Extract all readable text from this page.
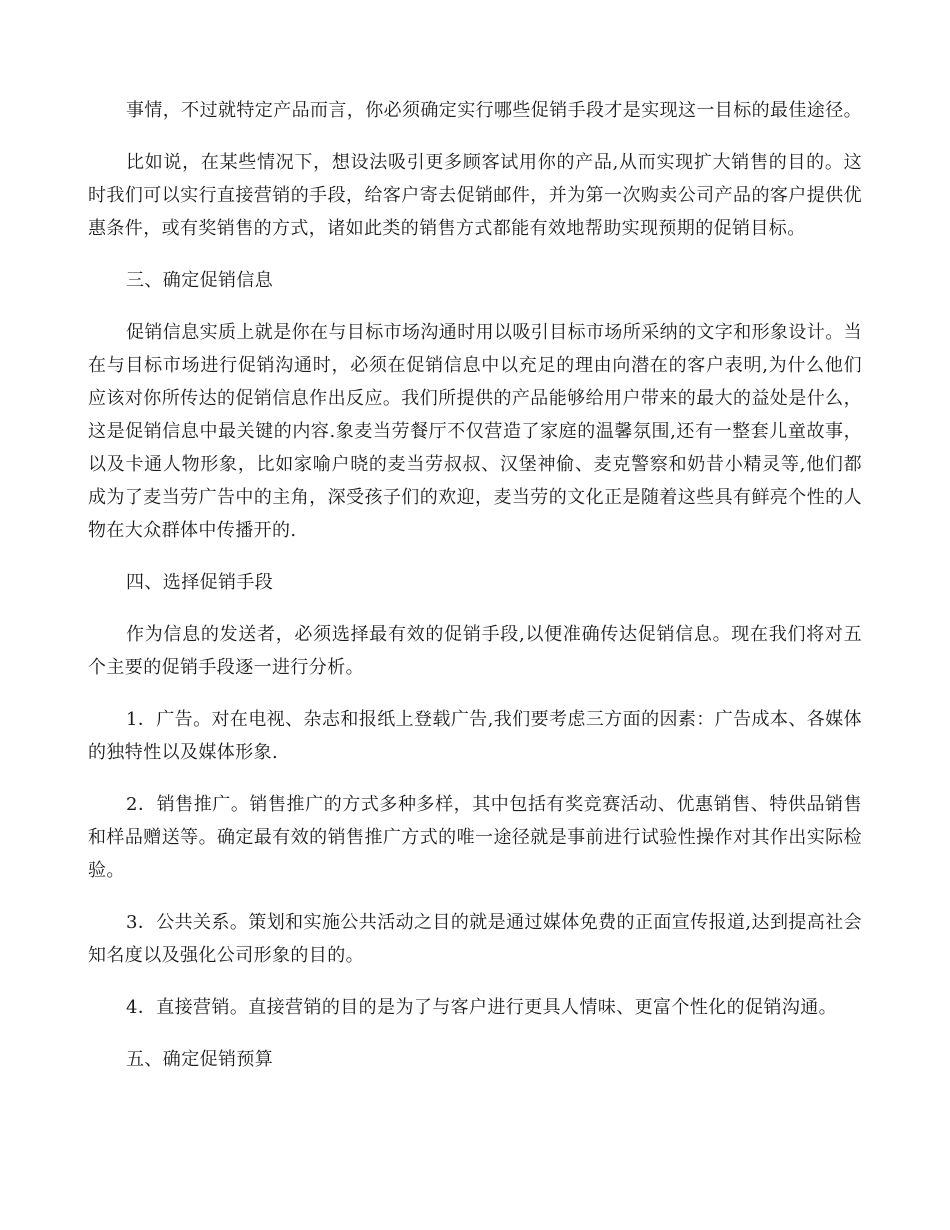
事情，不过就特定产品而言，你必须确定实行哪些促销手段才是实现这一目标的最佳途径。

比如说，在某些情况下，想设法吸引更多顾客试用你的产品,从而实现扩大销售的目的。这时我们可以实行直接营销的手段，给客户寄去促销邮件，并为第一次购卖公司产品的客户提供优惠条件，或有奖销售的方式，诸如此类的销售方式都能有效地帮助实现预期的促销目标。

三、确定促销信息

促销信息实质上就是你在与目标市场沟通时用以吸引目标市场所采纳的文字和形象设计。当在与目标市场进行促销沟通时，必须在促销信息中以充足的理由向潜在的客户表明,为什么他们应该对你所传达的促销信息作出反应。我们所提供的产品能够给用户带来的最大的益处是什么，这是促销信息中最关键的内容.象麦当劳餐厅不仅营造了家庭的温馨氛围,还有一整套儿童故事，以及卡通人物形象，比如家喻户晓的麦当劳叔叔、汉堡神偷、麦克警察和奶昔小精灵等,他们都成为了麦当劳广告中的主角，深受孩子们的欢迎，麦当劳的文化正是随着这些具有鲜亮个性的人物在大众群体中传播开的.

四、选择促销手段

作为信息的发送者，必须选择最有效的促销手段,以便准确传达促销信息。现在我们将对五个主要的促销手段逐一进行分析。

1．广告。对在电视、杂志和报纸上登载广告,我们要考虑三方面的因素：广告成本、各媒体的独特性以及媒体形象.

2．销售推广。销售推广的方式多种多样，其中包括有奖竞赛活动、优惠销售、特供品销售和样品赠送等。确定最有效的销售推广方式的唯一途径就是事前进行试验性操作对其作出实际检验。

3．公共关系。策划和实施公共活动之目的就是通过媒体免费的正面宣传报道,达到提高社会知名度以及强化公司形象的目的。

4．直接营销。直接营销的目的是为了与客户进行更具人情味、更富个性化的促销沟通。

五、确定促销预算
